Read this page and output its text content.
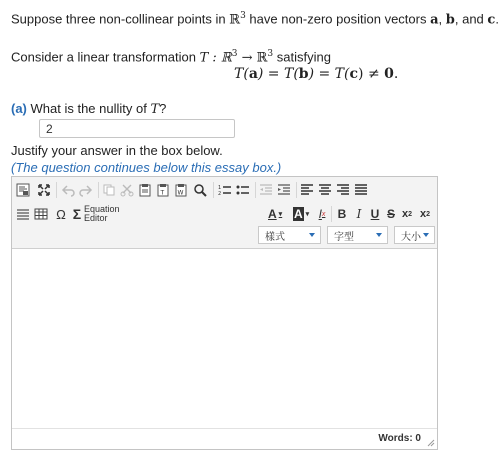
Suppose three non-collinear points in ℝ$^3$ have non-zero position vectors a, b, and c.
Consider a linear transformation T : ℝ$^3$ → ℝ$^3$ satisfying
T(a) = T(b) = T(c) ≠ 0.
(a) What is the nullity of T?
2
Justify your answer in the box below.
(The question continues below this essay box.)
T W
1
2
Ω Σ Equation
Editor	A ▾ A ▾ I x B I U S x 2 x 2
樣式	字型	大小
Words: 0
